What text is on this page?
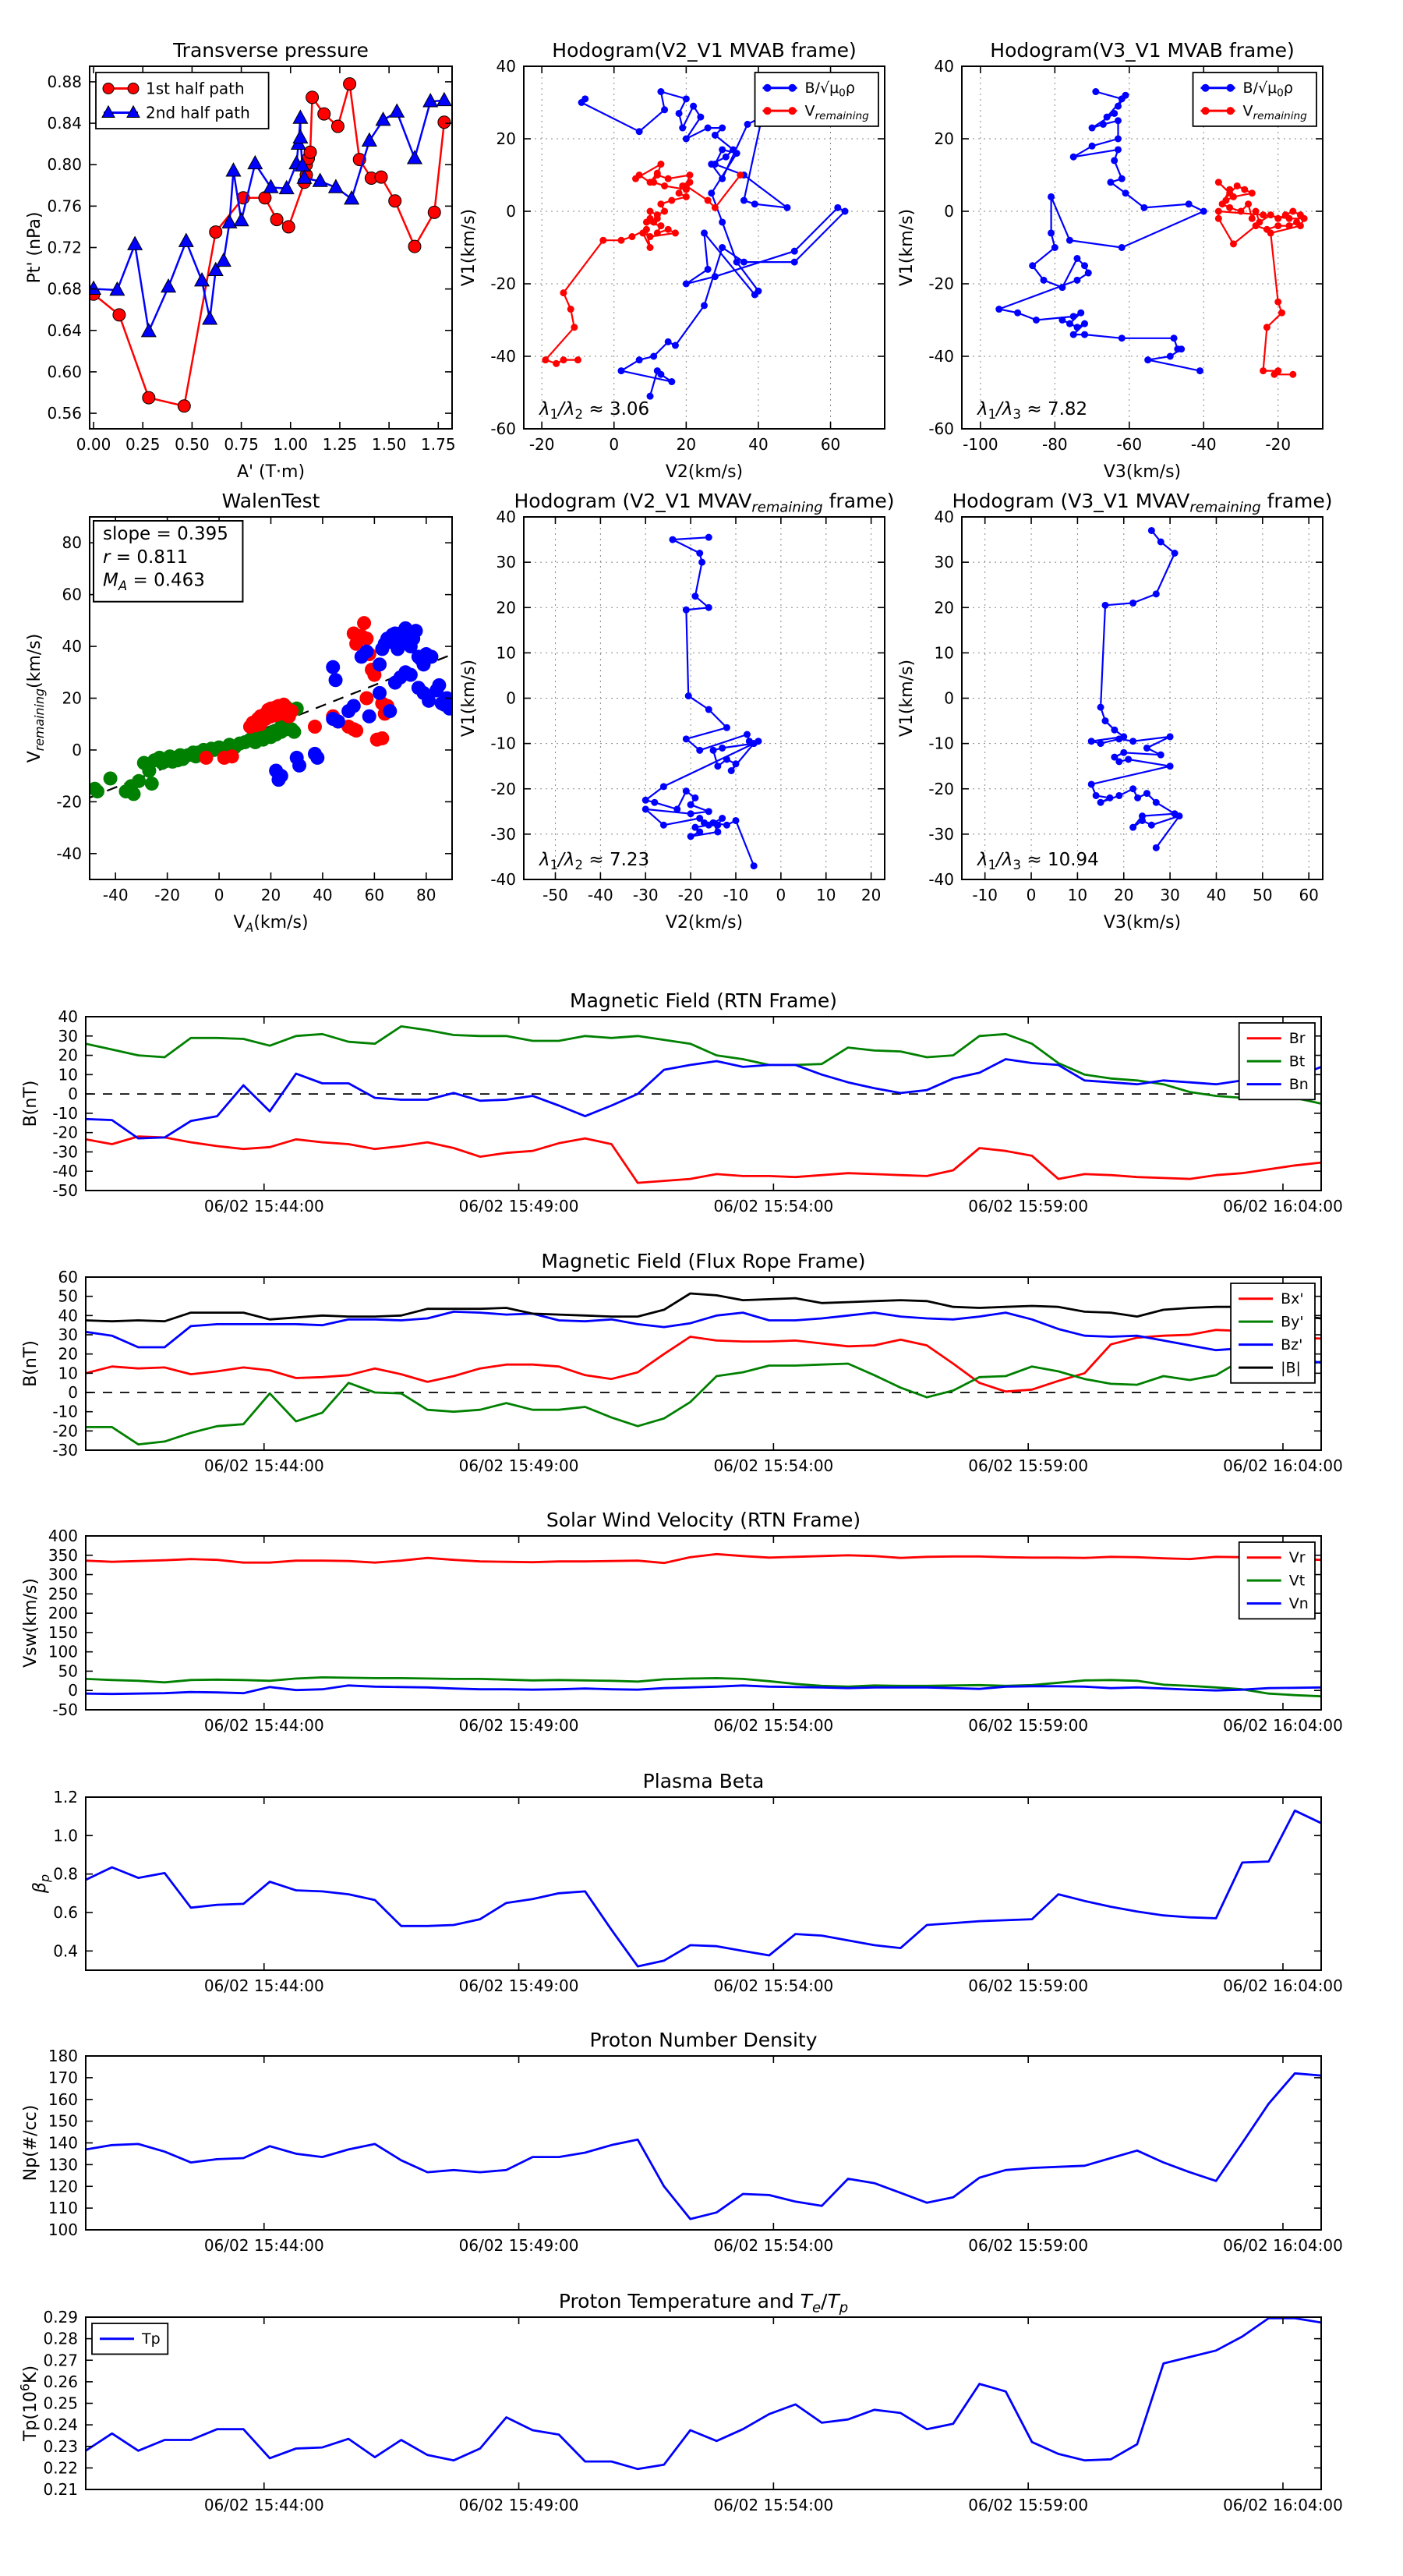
0.00 0.25 0.50 0.75 1.00 1.25 1.50 1.75
0.56
0.60
0.64
0.68
0.72
0.76
0.80
0.84
0.88
Transverse pressure
A' (T·m)
Pt' (nPa)
1st half path
2nd half path
-20	0	20	40	60
-60
-40
-20
0
20
40
Hodogram(V2_V1 MVAB frame)
V2(km/s)
V1(km/s)
$B/√\mu_0\rho$
$V_{remaining}$
$\lambda_1/\lambda_2 \approx 3.06$
-100	-80	-60	-40	-20
-60
-40
-20
0
20
40
Hodogram(V3_V1 MVAB frame)
V3(km/s)
V1(km/s)
$B/√\mu_0\rho$
$V_{remaining}$
$\lambda_1/\lambda_3 \approx 7.82$
-40 -20 0 20 40 60 80
-40
-20
0
20
40
60
80
WalenTest
$V_A(km/s)$
$V_{remaining}(km/s)$
slope = 0.395
r = 0.811
$M_A = 0.463$
-50 -40 -30 -20 -10 0 10 20
-40
-30
-20
-10
0
10
20
30
40
Hodogram (V2_V1 $MVAV_{remaining}$ frame)
V2(km/s)
V1(km/s)
$\lambda_1/\lambda_2 \approx 7.23$
-10 0 10 20 30 40 50 60
-40
-30
-20
-10
0
10
20
30
40
Hodogram (V3_V1 $MVAV_{remaining}$ frame)
V3(km/s)
V1(km/s)
$\lambda_1/\lambda_3 \approx 10.94$
06/02 15:44:00	06/02 15:49:00	06/02 15:54:00	06/02 15:59:00	06/02 16:04:00
-50
-40
-30
-20
-10
0
10
20
30
40
Magnetic Field (RTN Frame)
B(nT)
Br
Bt
Bn
06/02 15:44:00	06/02 15:49:00	06/02 15:54:00	06/02 15:59:00	06/02 16:04:00
-30
-20
-10
0
10
20
30
40
50
60
Magnetic Field (Flux Rope Frame)
B(nT)
Bx'
By'
Bz'
|B|
06/02 15:44:00	06/02 15:49:00	06/02 15:54:00	06/02 15:59:00	06/02 16:04:00
-50
0
50
100
150
200
250
300
350
400
Solar Wind Velocity (RTN Frame)
Vsw(km/s)
Vr
Vt
Vn
06/02 15:44:00	06/02 15:49:00	06/02 15:54:00	06/02 15:59:00	06/02 16:04:00
0.4
0.6
0.8
1.0
1.2
Plasma Beta
$\beta_p$
06/02 15:44:00	06/02 15:49:00	06/02 15:54:00	06/02 15:59:00	06/02 16:04:00
100
110
120
130
140
150
160
170
180
Proton Number Density
Np(#/cc)
06/02 15:44:00	06/02 15:49:00	06/02 15:54:00	06/02 15:59:00	06/02 16:04:00
0.21
0.22
0.23
0.24
0.25
0.26
0.27
0.28
0.29
Proton Temperature and $T_e/T_p$
$Tp(10^6K)$
Tp
